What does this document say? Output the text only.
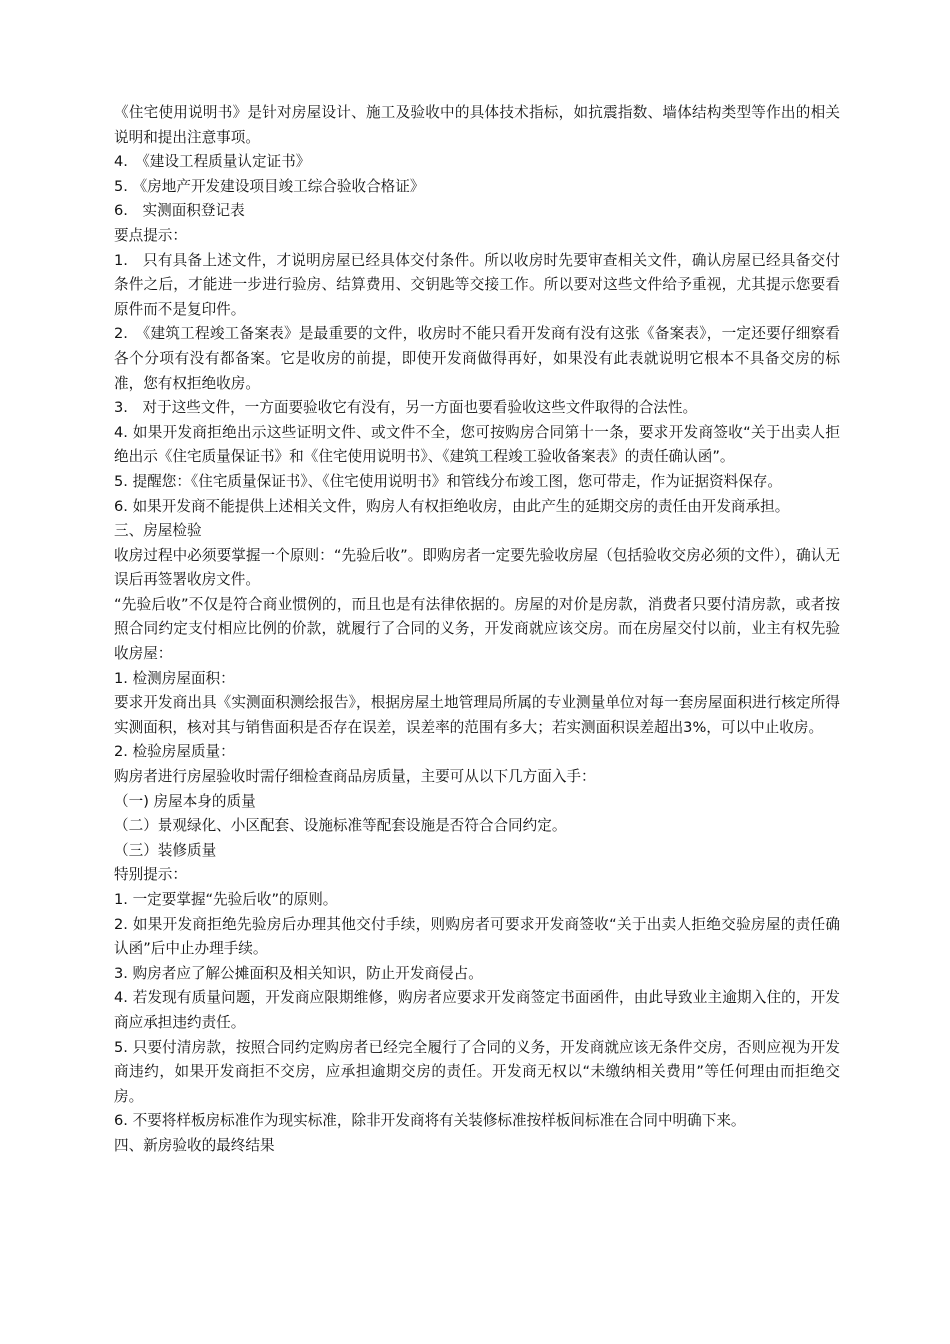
《住宅使用说明书》是针对房屋设计、施工及验收中的具体技术指标，如抗震指数、墙体结构类型等作出的相关说明和提出注意事项。

4.　《建设工程质量认定证书》

5. 《房地产开发建设项目竣工综合验收合格证》

6.　实测面积登记表

要点提示：

1.　只有具备上述文件，才说明房屋已经具体交付条件。所以收房时先要审查相关文件，确认房屋已经具备交付条件之后，才能进一步进行验房、结算费用、交钥匙等交接工作。所以要对这些文件给予重视，尤其提示您要看原件而不是复印件。

2.　《建筑工程竣工备案表》是最重要的文件，收房时不能只看开发商有没有这张《备案表》，一定还要仔细察看各个分项有没有都备案。它是收房的前提，即使开发商做得再好，如果没有此表就说明它根本不具备交房的标准，您有权拒绝收房。

3.　对于这些文件，一方面要验收它有没有，另一方面也要看验收这些文件取得的合法性。

4. 如果开发商拒绝出示这些证明文件、或文件不全，您可按购房合同第十一条，要求开发商签收“关于出卖人拒绝出示《住宅质量保证书》和《住宅使用说明书》、《建筑工程竣工验收备案表》的责任确认函”。

5. 提醒您：《住宅质量保证书》、《住宅使用说明书》和管线分布竣工图，您可带走，作为证据资料保存。

6. 如果开发商不能提供上述相关文件，购房人有权拒绝收房，由此产生的延期交房的责任由开发商承担。

三、房屋检验

收房过程中必须要掌握一个原则：“先验后收”。即购房者一定要先验收房屋（包括验收交房必须的文件），确认无误后再签署收房文件。

“先验后收”不仅是符合商业惯例的，而且也是有法律依据的。房屋的对价是房款，消费者只要付清房款，或者按照合同约定支付相应比例的价款，就履行了合同的义务，开发商就应该交房。而在房屋交付以前，业主有权先验收房屋：

1. 检测房屋面积：

要求开发商出具《实测面积测绘报告》，根据房屋土地管理局所属的专业测量单位对每一套房屋面积进行核定所得实测面积，核对其与销售面积是否存在误差，误差率的范围有多大；若实测面积误差超出3%，可以中止收房。

2. 检验房屋质量：

购房者进行房屋验收时需仔细检查商品房质量，主要可从以下几方面入手：

（一) 房屋本身的质量

（二）景观绿化、小区配套、设施标准等配套设施是否符合合同约定。

（三）装修质量

特别提示：

1. 一定要掌握“先验后收”的原则。

2. 如果开发商拒绝先验房后办理其他交付手续，则购房者可要求开发商签收“关于出卖人拒绝交验房屋的责任确认函”后中止办理手续。

3. 购房者应了解公摊面积及相关知识，防止开发商侵占。

4. 若发现有质量问题，开发商应限期维修，购房者应要求开发商签定书面函件，由此导致业主逾期入住的，开发商应承担违约责任。

5. 只要付清房款，按照合同约定购房者已经完全履行了合同的义务，开发商就应该无条件交房，否则应视为开发商违约，如果开发商拒不交房，应承担逾期交房的责任。开发商无权以“未缴纳相关费用”等任何理由而拒绝交房。

6. 不要将样板房标准作为现实标准，除非开发商将有关装修标准按样板间标准在合同中明确下来。

四、新房验收的最终结果
